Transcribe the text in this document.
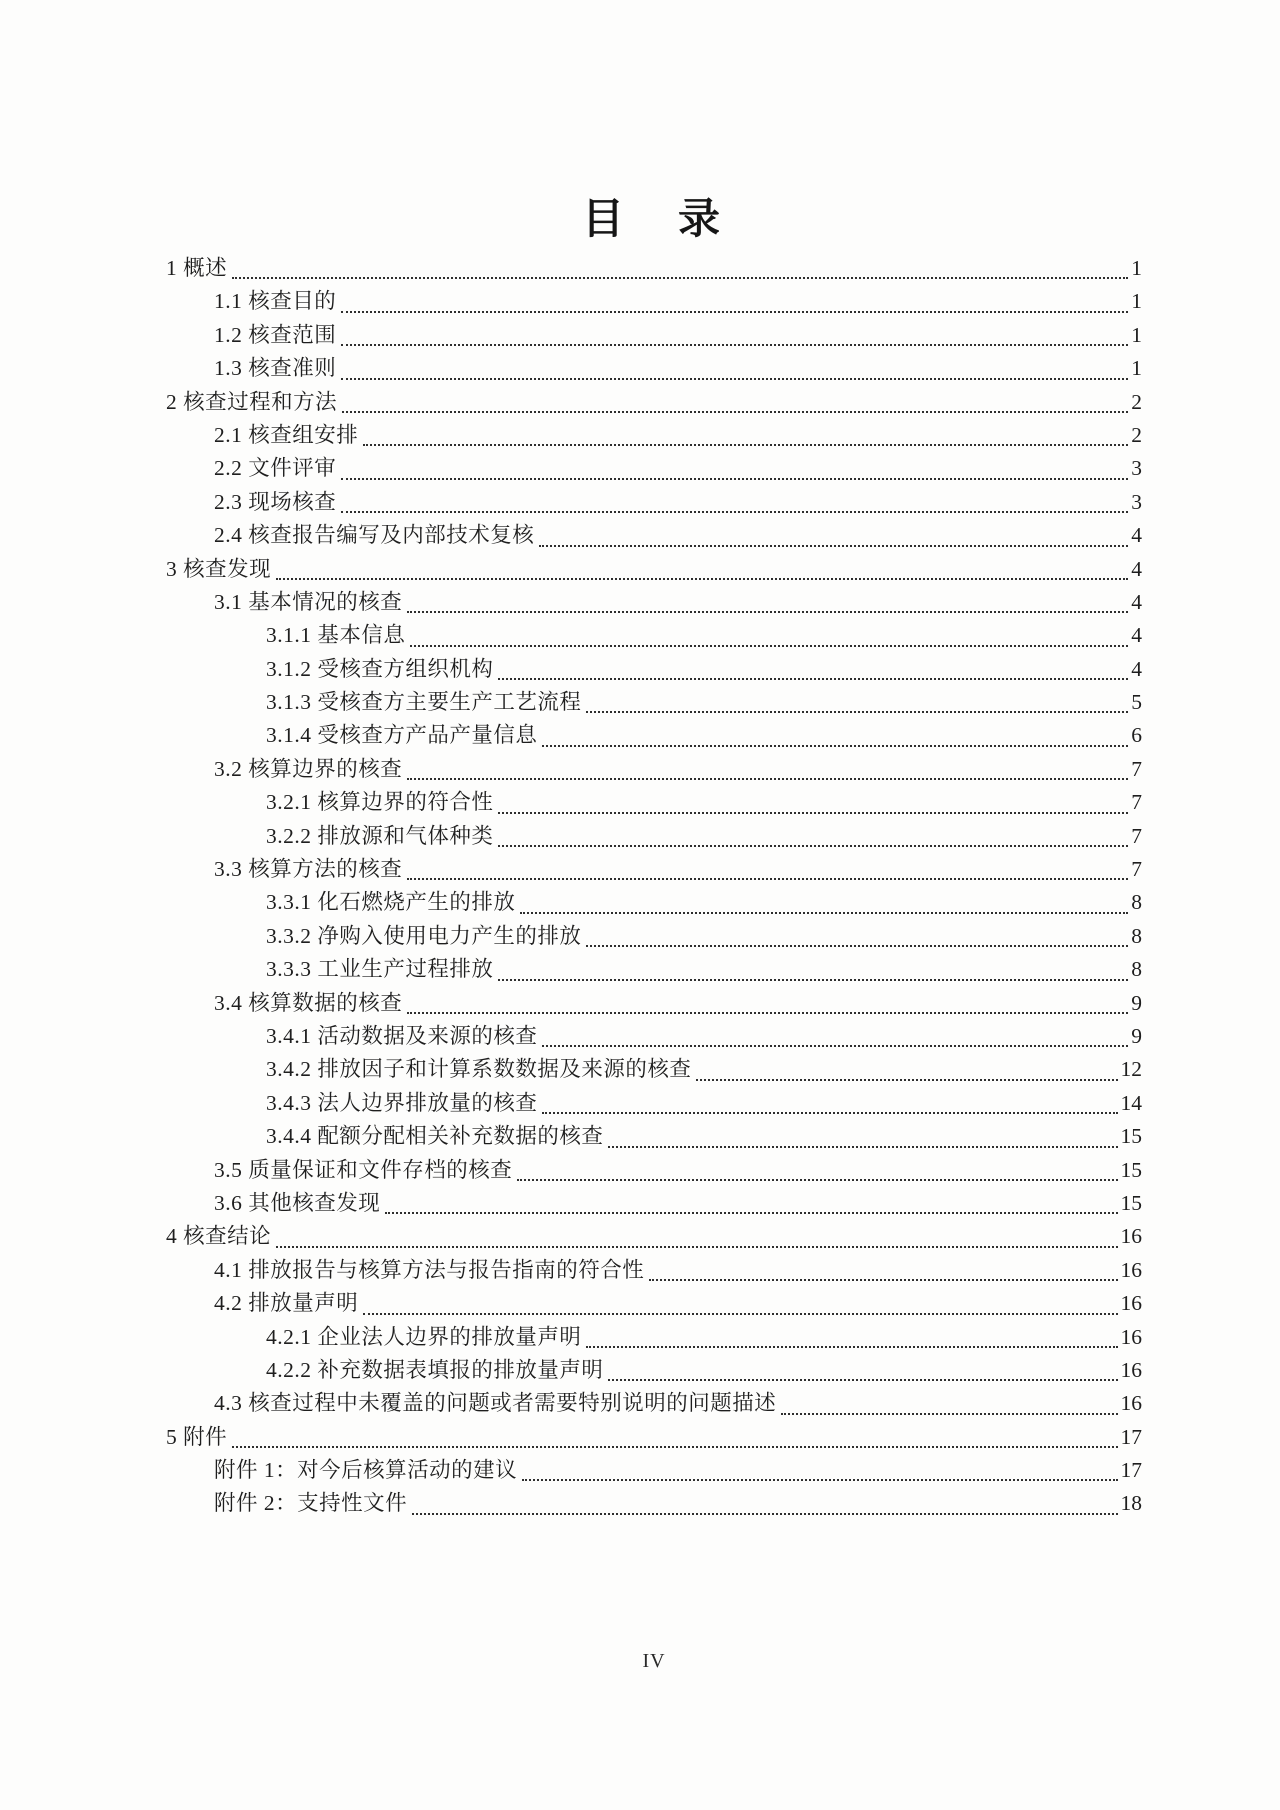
目　录
1 概述	1
1.1 核查目的	1
1.2 核查范围	1
1.3 核查准则	1
2 核查过程和方法	2
2.1 核查组安排	2
2.2 文件评审	3
2.3 现场核查	3
2.4 核查报告编写及内部技术复核	4
3 核查发现	4
3.1 基本情况的核查	4
3.1.1 基本信息	4
3.1.2 受核查方组织机构	4
3.1.3 受核查方主要生产工艺流程	5
3.1.4 受核查方产品产量信息	6
3.2 核算边界的核查	7
3.2.1 核算边界的符合性	7
3.2.2 排放源和气体种类	7
3.3 核算方法的核查	7
3.3.1 化石燃烧产生的排放	8
3.3.2 净购入使用电力产生的排放	8
3.3.3 工业生产过程排放	8
3.4 核算数据的核查	9
3.4.1 活动数据及来源的核查	9
3.4.2 排放因子和计算系数数据及来源的核查	12
3.4.3 法人边界排放量的核查	14
3.4.4 配额分配相关补充数据的核查	15
3.5 质量保证和文件存档的核查	15
3.6 其他核查发现	15
4 核查结论	16
4.1 排放报告与核算方法与报告指南的符合性	16
4.2 排放量声明	16
4.2.1 企业法人边界的排放量声明	16
4.2.2 补充数据表填报的排放量声明	16
4.3 核查过程中未覆盖的问题或者需要特别说明的问题描述	16
5 附件	17
附件 1：对今后核算活动的建议	17
附件 2：支持性文件	18
IV
